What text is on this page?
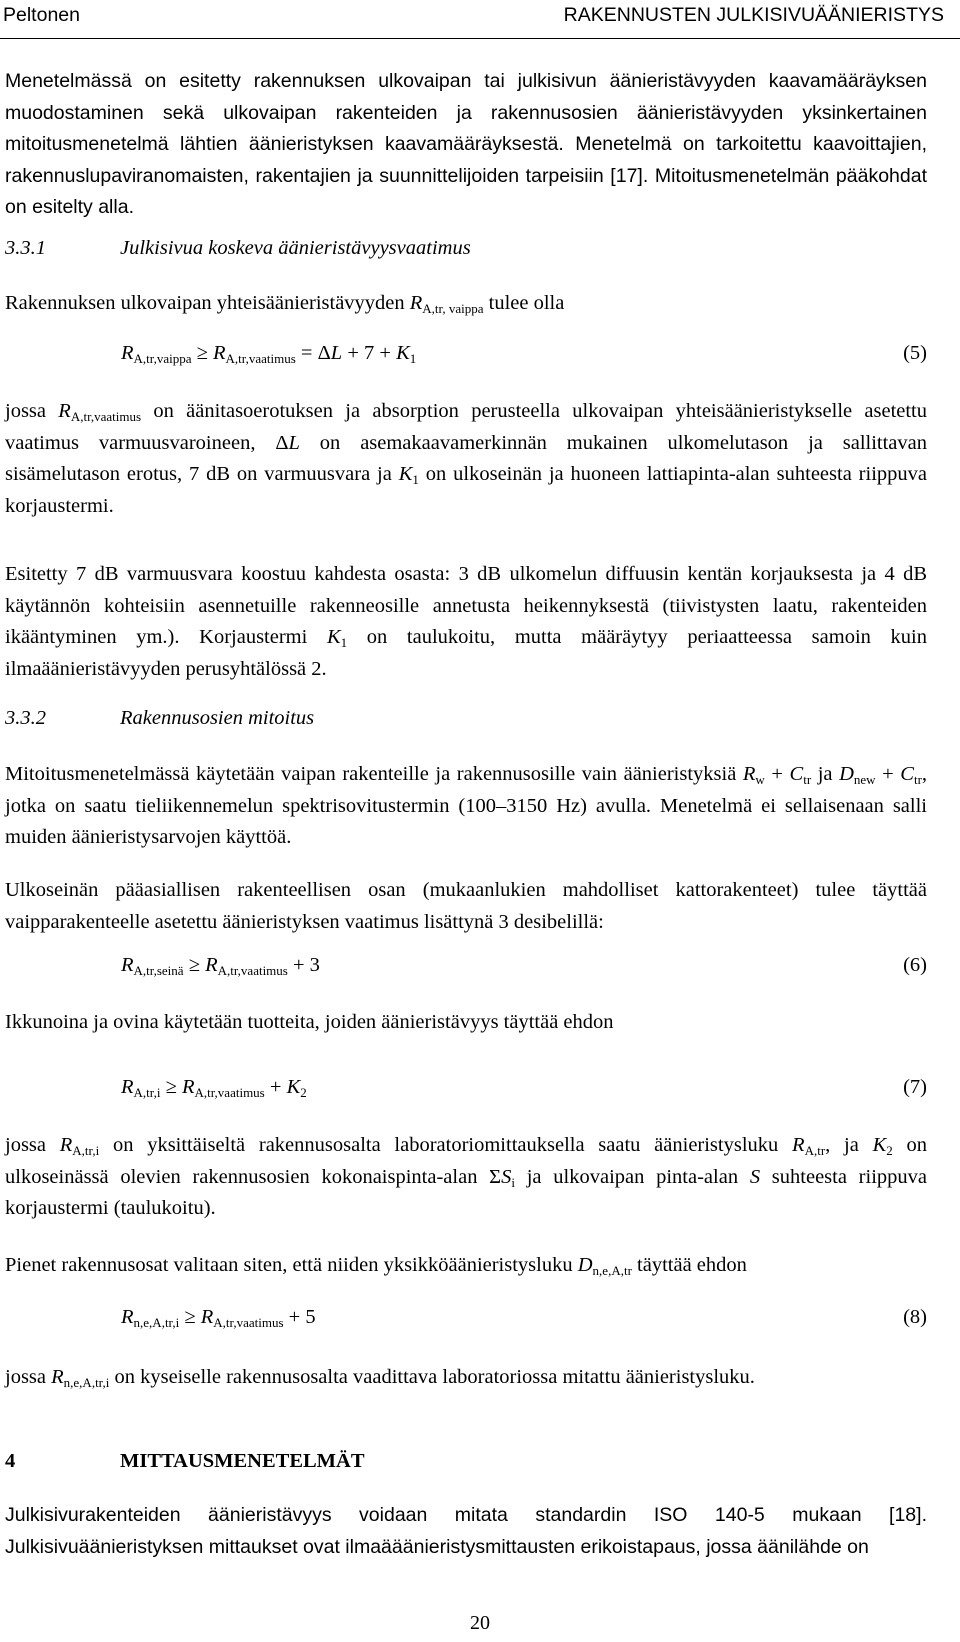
Peltonen	RAKENNUSTEN JULKISIVUÄÄNIERISTYS

Menetelmässä on esitetty rakennuksen ulkovaipan tai julkisivun äänieristävyyden kaavamääräyksen muodostaminen sekä ulkovaipan rakenteiden ja rakennusosien äänieristävyyden yksinkertainen mitoitusmenetelmä lähtien äänieristyksen kaavamääräyksestä. Menetelmä on tarkoitettu kaavoittajien, rakennuslupaviranomaisten, rakentajien ja suunnittelijoiden tarpeisiin [17]. Mitoitusmenetelmän pääkohdat on esitelty alla.

3.3.1	Julkisivua koskeva äänieristävyysvaatimus

Rakennuksen ulkovaipan yhteisäänieristävyyden $R_{A,tr, vaippa}$ tulee olla

$R_{A,tr,vaippa} \ge R_{A,tr,vaatimus} = \Delta L + 7 + K_1$	(5)

jossa $R_{A,tr,vaatimus}$ on äänitasoerotuksen ja absorption perusteella ulkovaipan yhteisäänieristykselle asetettu vaatimus varmuusvaroineen, ΔL on asemakaavamerkinnän mukainen ulkomelutason ja sallittavan sisämelutason erotus, 7 dB on varmuusvara ja $K_1$ on ulkoseinän ja huoneen lattiapinta-alan suhteesta riippuva korjaustermi.

Esitetty 7 dB varmuusvara koostuu kahdesta osasta: 3 dB ulkomelun diffuusin kentän korjauksesta ja 4 dB käytännön kohteisiin asennetuille rakenneosille annetusta heikennyksestä (tiivistysten laatu, rakenteiden ikääntyminen ym.). Korjaustermi $K_1$ on taulukoitu, mutta määräytyy periaatteessa samoin kuin ilmaäänieristävyyden perusyhtälössä 2.

3.3.2	Rakennusosien mitoitus

Mitoitusmenetelmässä käytetään vaipan rakenteille ja rakennusosille vain äänieristyksiä $R_w + C_{tr}$ ja $D_{new} + C_{tr}$, jotka on saatu tieliikennemelun spektrisovitustermin (100–3150 Hz) avulla. Menetelmä ei sellaisenaan salli muiden äänieristysarvojen käyttöä.

Ulkoseinän pääasiallisen rakenteellisen osan (mukaanlukien mahdolliset kattorakenteet) tulee täyttää vaipparakenteelle asetettu äänieristyksen vaatimus lisättynä 3 desibelillä:

$R_{A,tr,seinä} \ge R_{A,tr,vaatimus} + 3$	(6)

Ikkunoina ja ovina käytetään tuotteita, joiden äänieristävyys täyttää ehdon

$R_{A,tr,i} \ge R_{A,tr,vaatimus} + K_2$	(7)

jossa $R_{A,tr,i}$ on yksittäiseltä rakennusosalta laboratoriomittauksella saatu äänieristysluku $R_{A,tr}$, ja $K_2$ on ulkoseinässä olevien rakennusosien kokonaispinta-alan $\Sigma S_i$ ja ulkovaipan pinta-alan S suhteesta riippuva korjaustermi (taulukoitu).

Pienet rakennusosat valitaan siten, että niiden yksikköäänieristysluku $D_{n,e,A,tr}$ täyttää ehdon

$R_{n,e,A,tr,i} \ge R_{A,tr,vaatimus} + 5$	(8)

jossa $R_{n,e,A,tr,i}$ on kyseiselle rakennusosalta vaadittava laboratoriossa mitattu äänieristysluku.

4	MITTAUSMENETELMÄT

Julkisivurakenteiden äänieristävyys voidaan mitata standardin ISO 140-5 mukaan [18]. Julkisivuäänieristyksen mittaukset ovat ilmaääänieristysmittausten erikoistapaus, jossa äänilähde on

20
